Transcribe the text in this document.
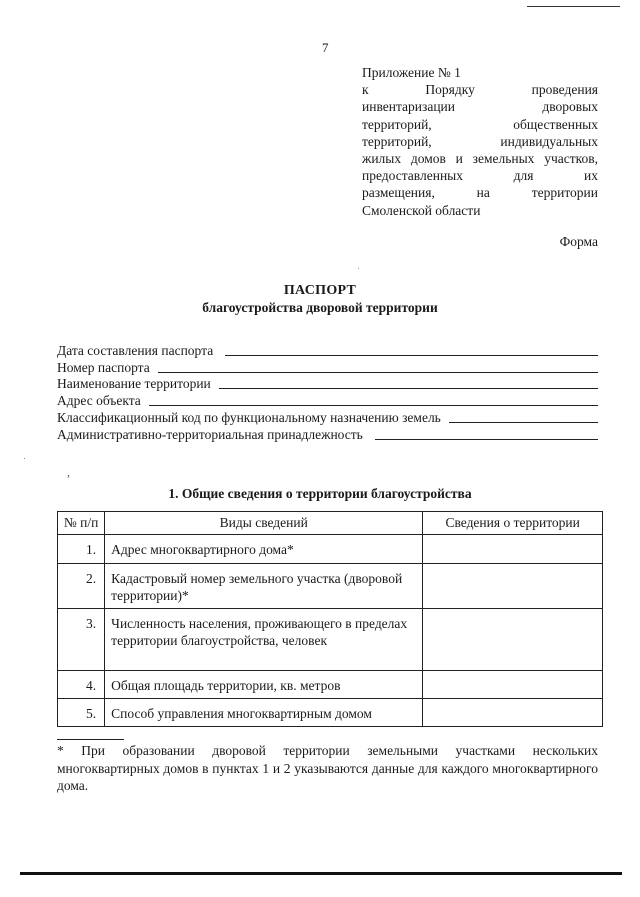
7
Приложение № 1
к Порядку проведения
инвентаризации дворовых
территорий, общественных
территорий, индивидуальных
жилых домов и земельных участков,
предоставленных для их
размещения, на территории
Смоленской области
Форма
ПАСПОРТ
благоустройства дворовой территории
Дата составления паспорта
Номер паспорта
Наименование территории
Адрес объекта
Классификационный код по функциональному назначению земель
Административно-территориальная принадлежность
,
1. Общие сведения о территории благоустройства
№ п/п	Виды сведений	Сведения о территории
1.	Адрес многоквартирного дома*	
2.	Кадастровый номер земельного участка (дворовой территории)*	
3.	Численность населения, проживающего в пределах территории благоустройства, человек	
4.	Общая площадь территории, кв. метров	
5.	Способ управления многоквартирным домом	
* При образовании дворовой территории земельными участками нескольких многоквартирных домов в пунктах 1 и 2 указываются данные для каждого многоквартирного дома.
